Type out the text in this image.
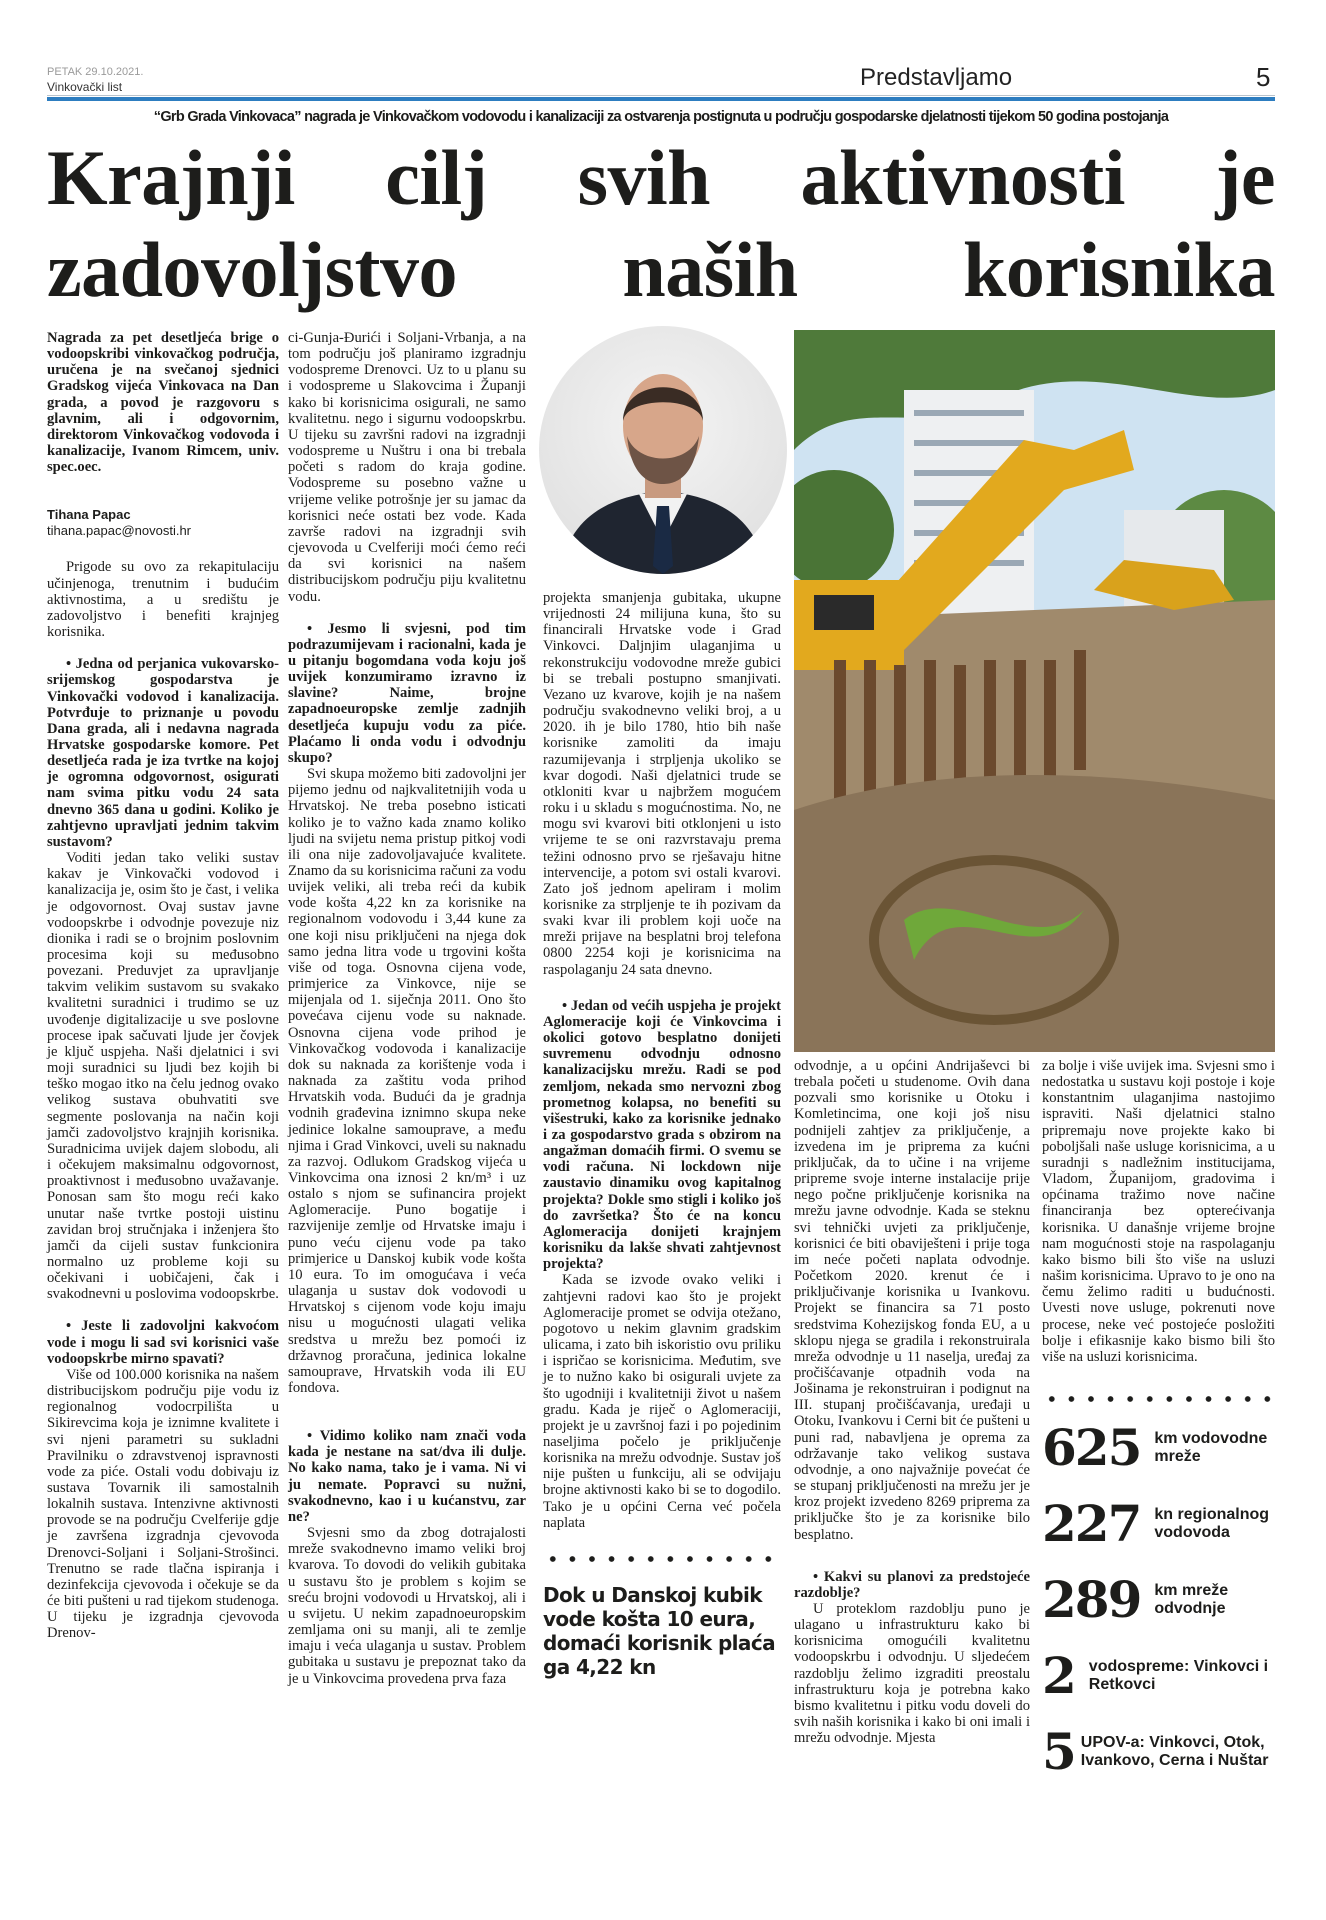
PETAK 29.10.2021.
Vinkovački list	Predstavljamo	5
“Grb Grada Vinkovaca” nagrada je Vinkovačkom vodovodu i kanalizaciji za ostvarenja postignuta u području gospodarske djelatnosti tijekom 50 godina postojanja
Krajnji cilj svih aktivnosti je
zadovoljstvo naših korisnika

Nagrada za pet desetljeća brige o vodoopskribi vinkovačkog područja, uručena je na svečanoj sjednici Gradskog vijeća Vinkovaca na Dan grada, a povod je razgovoru s glavnim, ali i odgovornim, direktorom Vinkovačkog vodovoda i kanalizacije, Ivanom Rimcem, univ. spec.oec.

Tihana Papac
tihana.papac@novosti.hr

Prigode su ovo za rekapitulaciju učinjenoga, trenutnim i budućim aktivnostima, a u središtu je zadovoljstvo i benefiti krajnjeg korisnika.

• Jedna od perjanica vukovarsko-srijemskog gospodarstva je Vinkovački vodovod i kanalizacija. Potvrđuje to priznanje u povodu Dana grada, ali i nedavna nagrada Hrvatske gospodarske komore. Pet desetljeća rada je iza tvrtke na kojoj je ogromna odgovornost, osigurati nam svima pitku vodu 24 sata dnevno 365 dana u godini. Koliko je zahtjevno upravljati jednim takvim sustavom?

Voditi jedan tako veliki sustav kakav je Vinkovački vodovod i kanalizacija je, osim što je čast, i velika je odgovornost. Ovaj sustav javne vodoopskrbe i odvodnje povezuje niz dionika i radi se o brojnim poslovnim procesima koji su međusobno povezani. Preduvjet za upravljanje takvim velikim sustavom su svakako kvalitetni suradnici i trudimo se uz uvođenje digitalizacije u sve poslovne procese ipak sačuvati ljude jer čovjek je ključ uspjeha. Naši djelatnici i svi moji suradnici su ljudi bez kojih bi teško mogao itko na čelu jednog ovako velikog sustava obuhvatiti sve segmente poslovanja na način koji jamči zadovoljstvo krajnjih korisnika. Suradnicima uvijek dajem slobodu, ali i očekujem maksimalnu odgovornost, proaktivnost i međusobno uvažavanje. Ponosan sam što mogu reći kako unutar naše tvrtke postoji uistinu zavidan broj stručnjaka i inženjera što jamči da cijeli sustav funkcionira normalno uz probleme koji su očekivani i uobičajeni, čak i svakodnevni u poslovima vodoopskrbe.

• Jeste li zadovoljni kakvoćom vode i mogu li sad svi korisnici vaše vodoopskrbe mirno spavati?

Više od 100.000 korisnika na našem distribucijskom području pije vodu iz regionalnog vodocrpilišta u Sikirevcima koja je iznimne kvalitete i svi njeni parametri su sukladni Pravilniku o zdravstvenoj ispravnosti vode za piće. Ostali vodu dobivaju iz sustava Tovarnik ili samostalnih lokalnih sustava. Intenzivne aktivnosti provode se na području Cvelferije gdje je završena izgradnja cjevovoda Drenovci-Soljani i Soljani-Strošinci. Trenutno se rade tlačna ispiranja i dezinfekcija cjevovoda i očekuje se da će biti pušteni u rad tijekom studenoga. U tijeku je izgradnja cjevovoda Drenov-

ci-Gunja-Đurići i Soljani-Vrbanja, a na tom području još planiramo izgradnju vodospreme Drenovci. Uz to u planu su i vodospreme u Slakovcima i Županji kako bi korisnicima osigurali, ne samo kvalitetnu. nego i sigurnu vodoopskrbu. U tijeku su završni radovi na izgradnji vodospreme u Nuštru i ona bi trebala početi s radom do kraja godine. Vodospreme su posebno važne u vrijeme velike potrošnje jer su jamac da korisnici neće ostati bez vode. Kada završe radovi na izgradnji svih cjevovoda u Cvelferiji moći ćemo reći da svi korisnici na našem distribucijskom području piju kvalitetnu vodu.

• Jesmo li svjesni, pod tim podrazumijevam i racionalni, kada je u pitanju bogomdana voda koju još uvijek konzumiramo izravno iz slavine? Naime, brojne zapadnoeuropske zemlje zadnjih desetljeća kupuju vodu za piće. Plaćamo li onda vodu i odvodnju skupo?

Svi skupa možemo biti zadovoljni jer pijemo jednu od najkvalitetnijih voda u Hrvatskoj. Ne treba posebno isticati koliko je to važno kada znamo koliko ljudi na svijetu nema pristup pitkoj vodi ili ona nije zadovoljavajuće kvalitete. Znamo da su korisnicima računi za vodu uvijek veliki, ali treba reći da kubik vode košta 4,22 kn za korisnike na regionalnom vodovodu i 3,44 kune za one koji nisu priključeni na njega dok samo jedna litra vode u trgovini košta više od toga. Osnovna cijena vode, primjerice za Vinkovce, nije se mijenjala od 1. siječnja 2011. Ono što povećava cijenu vode su naknade. Osnovna cijena vode prihod je Vinkovačkog vodovoda i kanalizacije dok su naknada za korištenje voda i naknada za zaštitu voda prihod Hrvatskih voda. Budući da je gradnja vodnih građevina iznimno skupa neke jedinice lokalne samouprave, a među njima i Grad Vinkovci, uveli su naknadu za razvoj. Odlukom Gradskog vijeća u Vinkovcima ona iznosi 2 kn/m³ i uz ostalo s njom se sufinancira projekt Aglomeracije. Puno bogatije i razvijenije zemlje od Hrvatske imaju i puno veću cijenu vode pa tako primjerice u Danskoj kubik vode košta 10 eura. To im omogućava i veća ulaganja u sustav dok vodovodi u Hrvatskoj s cijenom vode koju imaju nisu u mogućnosti ulagati velika sredstva u mrežu bez pomoći iz državnog proračuna, jedinica lokalne samouprave, Hrvatskih voda ili EU fondova.

• Vidimo koliko nam znači voda kada je nestane na sat/dva ili dulje. No kako nama, tako je i vama. Ni vi ju nemate. Popravci su nužni, svakodnevno, kao i u kućanstvu, zar ne?

Svjesni smo da zbog dotrajalosti mreže svakodnevno imamo veliki broj kvarova. To dovodi do velikih gubitaka u sustavu što je problem s kojim se sreću brojni vodovodi u Hrvatskoj, ali i u svijetu. U nekim zapadnoeuropskim zemljama oni su manji, ali te zemlje imaju i veća ulaganja u sustav. Problem gubitaka u sustavu je prepoznat tako da je u Vinkovcima provedena prva faza

projekta smanjenja gubitaka, ukupne vrijednosti 24 milijuna kuna, što su financirali Hrvatske vode i Grad Vinkovci. Daljnjim ulaganjima u rekonstrukciju vodovodne mreže gubici bi se trebali postupno smanjivati. Vezano uz kvarove, kojih je na našem području svakodnevno veliki broj, a u 2020. ih je bilo 1780, htio bih naše korisnike zamoliti da imaju razumijevanja i strpljenja ukoliko se kvar dogodi. Naši djelatnici trude se otkloniti kvar u najbržem mogućem roku i u skladu s mogućnostima. No, ne mogu svi kvarovi biti otklonjeni u isto vrijeme te se oni razvrstavaju prema težini odnosno prvo se rješavaju hitne intervencije, a potom svi ostali kvarovi. Zato još jednom apeliram i molim korisnike za strpljenje te ih pozivam da svaki kvar ili problem koji uoče na mreži prijave na besplatni broj telefona 0800 2254 koji je korisnicima na raspolaganju 24 sata dnevno.

• Jedan od većih uspjeha je projekt Aglomeracije koji će Vinkovcima i okolici gotovo besplatno donijeti suvremenu odvodnju odnosno kanalizacijsku mrežu. Radi se pod zemljom, nekada smo nervozni zbog prometnog kolapsa, no benefiti su višestruki, kako za korisnike jednako i za gospodarstvo grada s obzirom na angažman domaćih firmi. O svemu se vodi računa. Ni lockdown nije zaustavio dinamiku ovog kapitalnog projekta? Dokle smo stigli i koliko još do završetka? Što će na koncu Aglomeracija donijeti krajnjem korisniku da lakše shvati zahtjevnost projekta?

Kada se izvode ovako veliki i zahtjevni radovi kao što je projekt Aglomeracije promet se odvija otežano, pogotovo u nekim glavnim gradskim ulicama, i zato bih iskoristio ovu priliku i ispričao se korisnicima. Međutim, sve je to nužno kako bi osigurali uvjete za što ugodniji i kvalitetniji život u našem gradu. Kada je riječ o Aglomeraciji, projekt je u završnoj fazi i po pojedinim naseljima počelo je priključenje korisnika na mrežu odvodnje. Sustav još nije pušten u funkciju, ali se odvijaju brojne aktivnosti kako bi se to dogodilo. Tako je u općini Cerna već počela naplata

Dok u Danskoj kubik vode košta 10 eura, domaći korisnik plaća ga 4,22 kn

odvodnje, a u općini Andrijaševci bi trebala početi u studenome. Ovih dana pozvali smo korisnike u Otoku i Komletincima, one koji još nisu podnijeli zahtjev za priključenje, a izvedena im je priprema za kućni priključak, da to učine i na vrijeme pripreme svoje interne instalacije prije nego počne priključenje korisnika na mrežu javne odvodnje. Kada se steknu svi tehnički uvjeti za priključenje, korisnici će biti obaviješteni i prije toga im neće početi naplata odvodnje. Početkom 2020. krenut će i priključivanje korisnika u Ivankovu. Projekt se financira sa 71 posto sredstvima Kohezijskog fonda EU, a u sklopu njega se gradila i rekonstruirala mreža odvodnje u 11 naselja, uređaj za pročišćavanje otpadnih voda na Jošinama je rekonstruiran i podignut na III. stupanj pročišćavanja, uređaji u Otoku, Ivankovu i Cerni bit će pušteni u puni rad, nabavljena je oprema za održavanje tako velikog sustava odvodnje, a ono najvažnije povećat će se stupanj priključenosti na mrežu jer je kroz projekt izvedeno 8269 priprema za priključke što je za korisnike bilo besplatno.

• Kakvi su planovi za predstojeće razdoblje?

U proteklom razdoblju puno je ulagano u infrastrukturu kako bi korisnicima omogućili kvalitetnu vodoopskrbu i odvodnju. U sljedećem razdoblju želimo izgraditi preostalu infrastrukturu koja je potrebna kako bismo kvalitetnu i pitku vodu doveli do svih naših korisnika i kako bi oni imali i mrežu odvodnje. Mjesta

za bolje i više uvijek ima. Svjesni smo i nedostatka u sustavu koji postoje i koje konstantnim ulaganjima nastojimo ispraviti. Naši djelatnici stalno pripremaju nove projekte kako bi poboljšali naše usluge korisnicima, a u suradnji s nadležnim institucijama, Vladom, Županijom, gradovima i općinama tražimo nove načine financiranja bez opterećivanja korisnika. U današnje vrijeme brojne nam mogućnosti stoje na raspolaganju kako bismo bili što više na usluzi našim korisnicima. Upravo to je ono na čemu želimo raditi u budućnosti. Uvesti nove usluge, pokrenuti nove procese, neke već postojeće posložiti bolje i efikasnije kako bismo bili što više na usluzi korisnicima.

625 km vodovodne mreže
227 kn regionalnog vodovoda
289 km mreže odvodnje
2 vodospreme: Vinkovci i Retkovci
5 UPOV-a: Vinkovci, Otok, Ivankovo, Cerna i Nuštar
